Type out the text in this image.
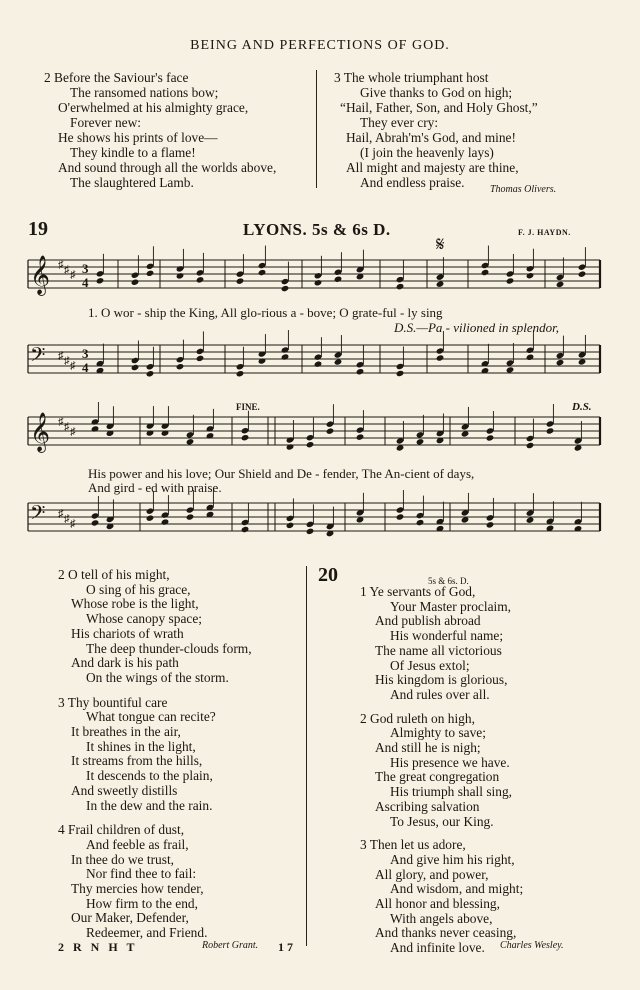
BEING AND PERFECTIONS OF GOD.
2 Before the Saviour's face
The ransomed nations bow;
O'erwhelmed at his almighty grace,
Forever new:
He shows his prints of love—
They kindle to a flame!
And sound through all the worlds above,
The slaughtered Lamb.
3 The whole triumphant host
Give thanks to God on high;
“Hail, Father, Son, and Holy Ghost,”
They ever cry:
Hail, Abrah'm's God, and mine!
(I join the heavenly lays)
All might and majesty are thine,
And endless praise.	Thomas Olivers.
19	LYONS. 5s & 6s D.	F. J. HAYDN.
𝄋
𝄞 ♯ ♯ ♯ 3
4
𝄢 ♯ ♯ ♯
3
4
1. O wor - ship the King, All glo-rious a - bove; O grate-ful - ly sing
D.S.—Pa - vilioned in splendor,
FINE.	D.S.
𝄞 ♯ ♯ ♯
𝄢 ♯ ♯ ♯
His power and his love; Our Shield and De - fender, The An-cient of days,
And gird - ed with praise.
2 O tell of his might,
O sing of his grace,
Whose robe is the light,
Whose canopy space;
His chariots of wrath
The deep thunder-clouds form,
And dark is his path
On the wings of the storm.
3 Thy bountiful care
What tongue can recite?
It breathes in the air,
It shines in the light,
It streams from the hills,
It descends to the plain,
And sweetly distills
In the dew and the rain.
4 Frail children of dust,
And feeble as frail,
In thee do we trust,
Nor find thee to fail:
Thy mercies how tender,
How firm to the end,
Our Maker, Defender,
Redeemer, and Friend.
20	5s & 6s. D.
1 Ye servants of God,
Your Master proclaim,
And publish abroad
His wonderful name;
The name all victorious
Of Jesus extol;
His kingdom is glorious,
And rules over all.
2 God ruleth on high,
Almighty to save;
And still he is nigh;
His presence we have.
The great congregation
His triumph shall sing,
Ascribing salvation
To Jesus, our King.
3 Then let us adore,
And give him his right,
All glory, and power,
And wisdom, and might;
All honor and blessing,
With angels above,
And thanks never ceasing,
And infinite love.
Robert Grant.	Charles Wesley.
2 R N H T	17
